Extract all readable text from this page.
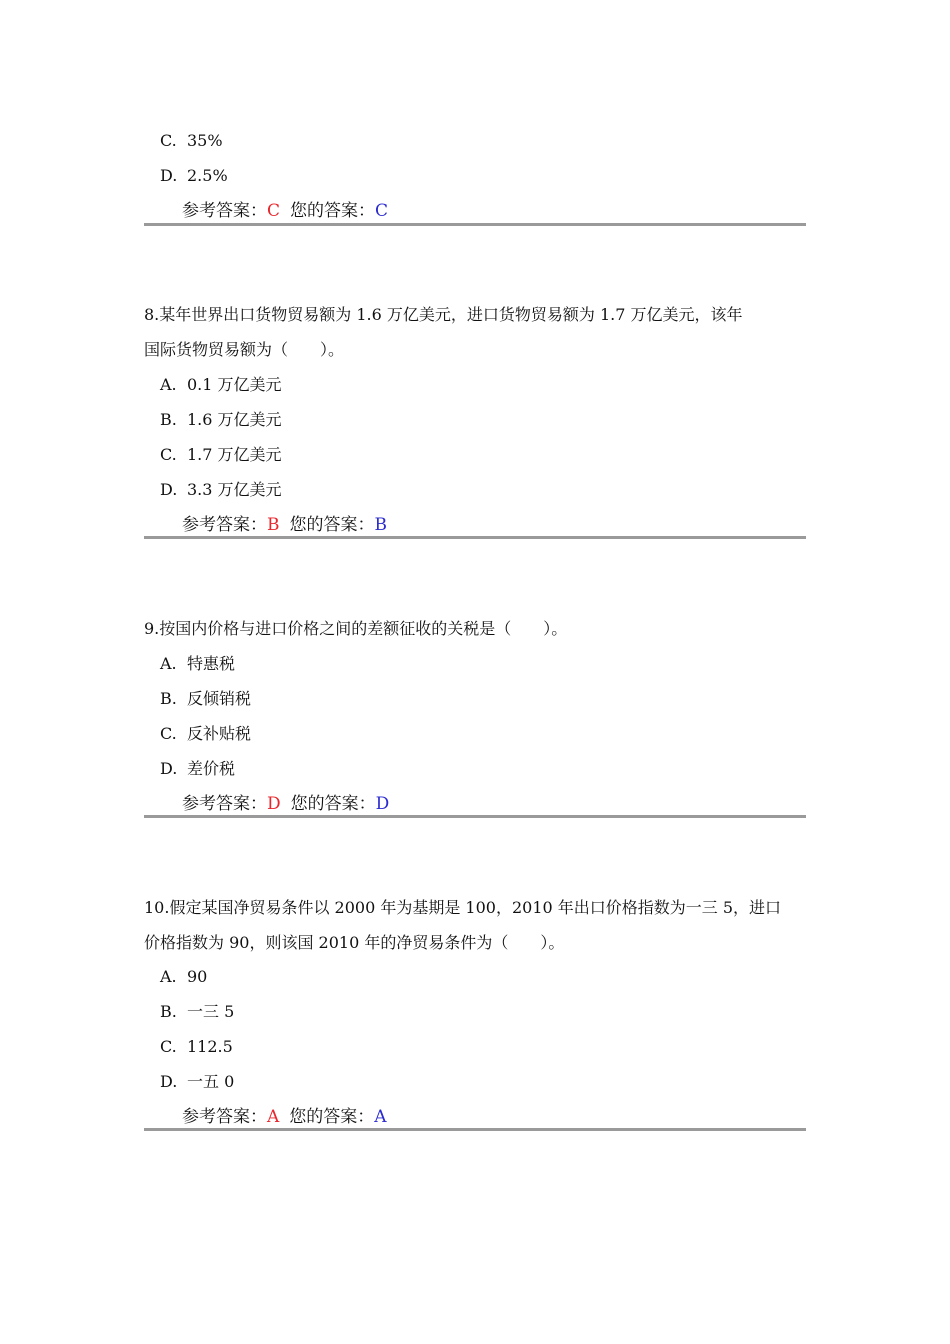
C. 35%
D. 2.5%
参考答案：C 您的答案：C
8.某年世界出口货物贸易额为 1.6 万亿美元，进口货物贸易额为 1.7 万亿美元，该年
国际货物贸易额为（　　）。
A. 0.1 万亿美元
B. 1.6 万亿美元
C. 1.7 万亿美元
D. 3.3 万亿美元
参考答案：B 您的答案：B
9.按国内价格与进口价格之间的差额征收的关税是（　　）。
A. 特惠税
B. 反倾销税
C. 反补贴税
D. 差价税
参考答案：D 您的答案：D
10.假定某国净贸易条件以 2000 年为基期是 100，2010 年出口价格指数为一三 5，进口
价格指数为 90，则该国 2010 年的净贸易条件为（　　）。
A. 90
B. 一三 5
C. 112.5
D. 一五 0
参考答案：A 您的答案：A
